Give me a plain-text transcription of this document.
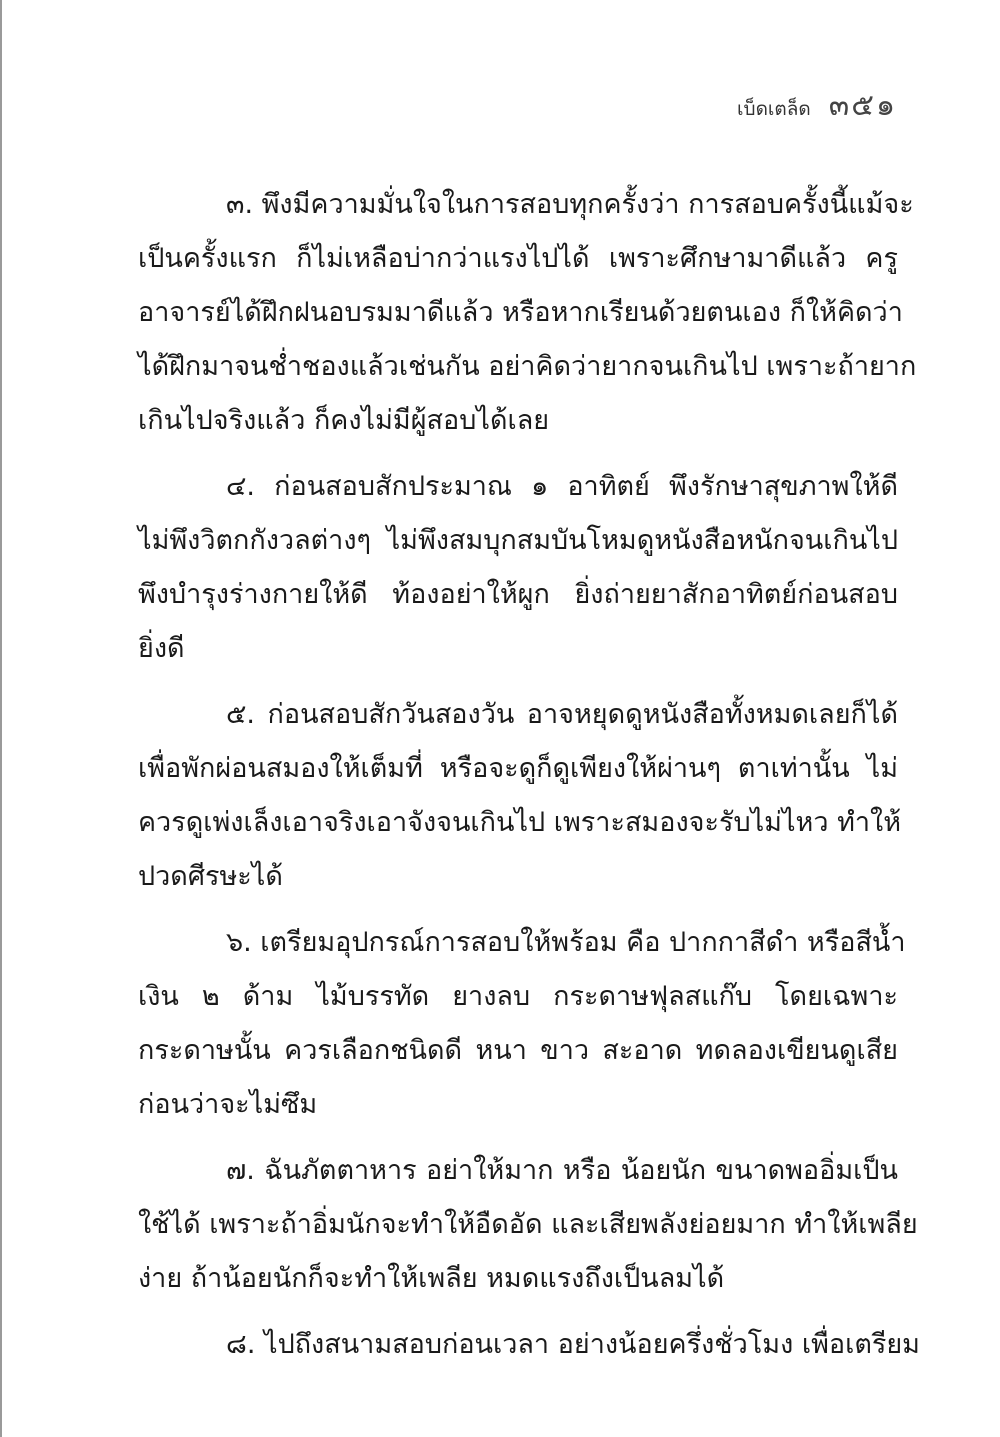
เบ็ดเตล็ด ๓๕๑
๓. พึงมีความมั่นใจในการสอบทุกครั้งว่า การสอบครั้งนี้แม้จะ
เป็นครั้งแรก ก็ไม่เหลือบ่ากว่าแรงไปได้ เพราะศึกษามาดีแล้ว ครู
อาจารย์ได้ฝึกฝนอบรมมาดีแล้ว หรือหากเรียนด้วยตนเอง ก็ให้คิดว่า
ได้ฝึกมาจนช่ำชองแล้วเช่นกัน อย่าคิดว่ายากจนเกินไป เพราะถ้ายาก
เกินไปจริงแล้ว ก็คงไม่มีผู้สอบได้เลย
๔. ก่อนสอบสักประมาณ ๑ อาทิตย์ พึงรักษาสุขภาพให้ดี
ไม่พึงวิตกกังวลต่างๆ ไม่พึงสมบุกสมบันโหมดูหนังสือหนักจนเกินไป
พึงบำรุงร่างกายให้ดี ท้องอย่าให้ผูก ยิ่งถ่ายยาสักอาทิตย์ก่อนสอบ
ยิ่งดี
๕. ก่อนสอบสักวันสองวัน อาจหยุดดูหนังสือทั้งหมดเลยก็ได้
เพื่อพักผ่อนสมองให้เต็มที่ หรือจะดูก็ดูเพียงให้ผ่านๆ ตาเท่านั้น ไม่
ควรดูเพ่งเล็งเอาจริงเอาจังจนเกินไป เพราะสมองจะรับไม่ไหว ทำให้
ปวดศีรษะได้
๖. เตรียมอุปกรณ์การสอบให้พร้อม คือ ปากกาสีดำ หรือสีน้ำ
เงิน ๒ ด้าม ไม้บรรทัด ยางลบ กระดาษฟุลสแก๊บ โดยเฉพาะ
กระดาษนั้น ควรเลือกชนิดดี หนา ขาว สะอาด ทดลองเขียนดูเสีย
ก่อนว่าจะไม่ซึม
๗. ฉันภัตตาหาร อย่าให้มาก หรือ น้อยนัก ขนาดพออิ่มเป็น
ใช้ได้ เพราะถ้าอิ่มนักจะทำให้อืดอัด และเสียพลังย่อยมาก ทำให้เพลีย
ง่าย ถ้าน้อยนักก็จะทำให้เพลีย หมดแรงถึงเป็นลมได้
๘. ไปถึงสนามสอบก่อนเวลา อย่างน้อยครึ่งชั่วโมง เพื่อเตรียม
